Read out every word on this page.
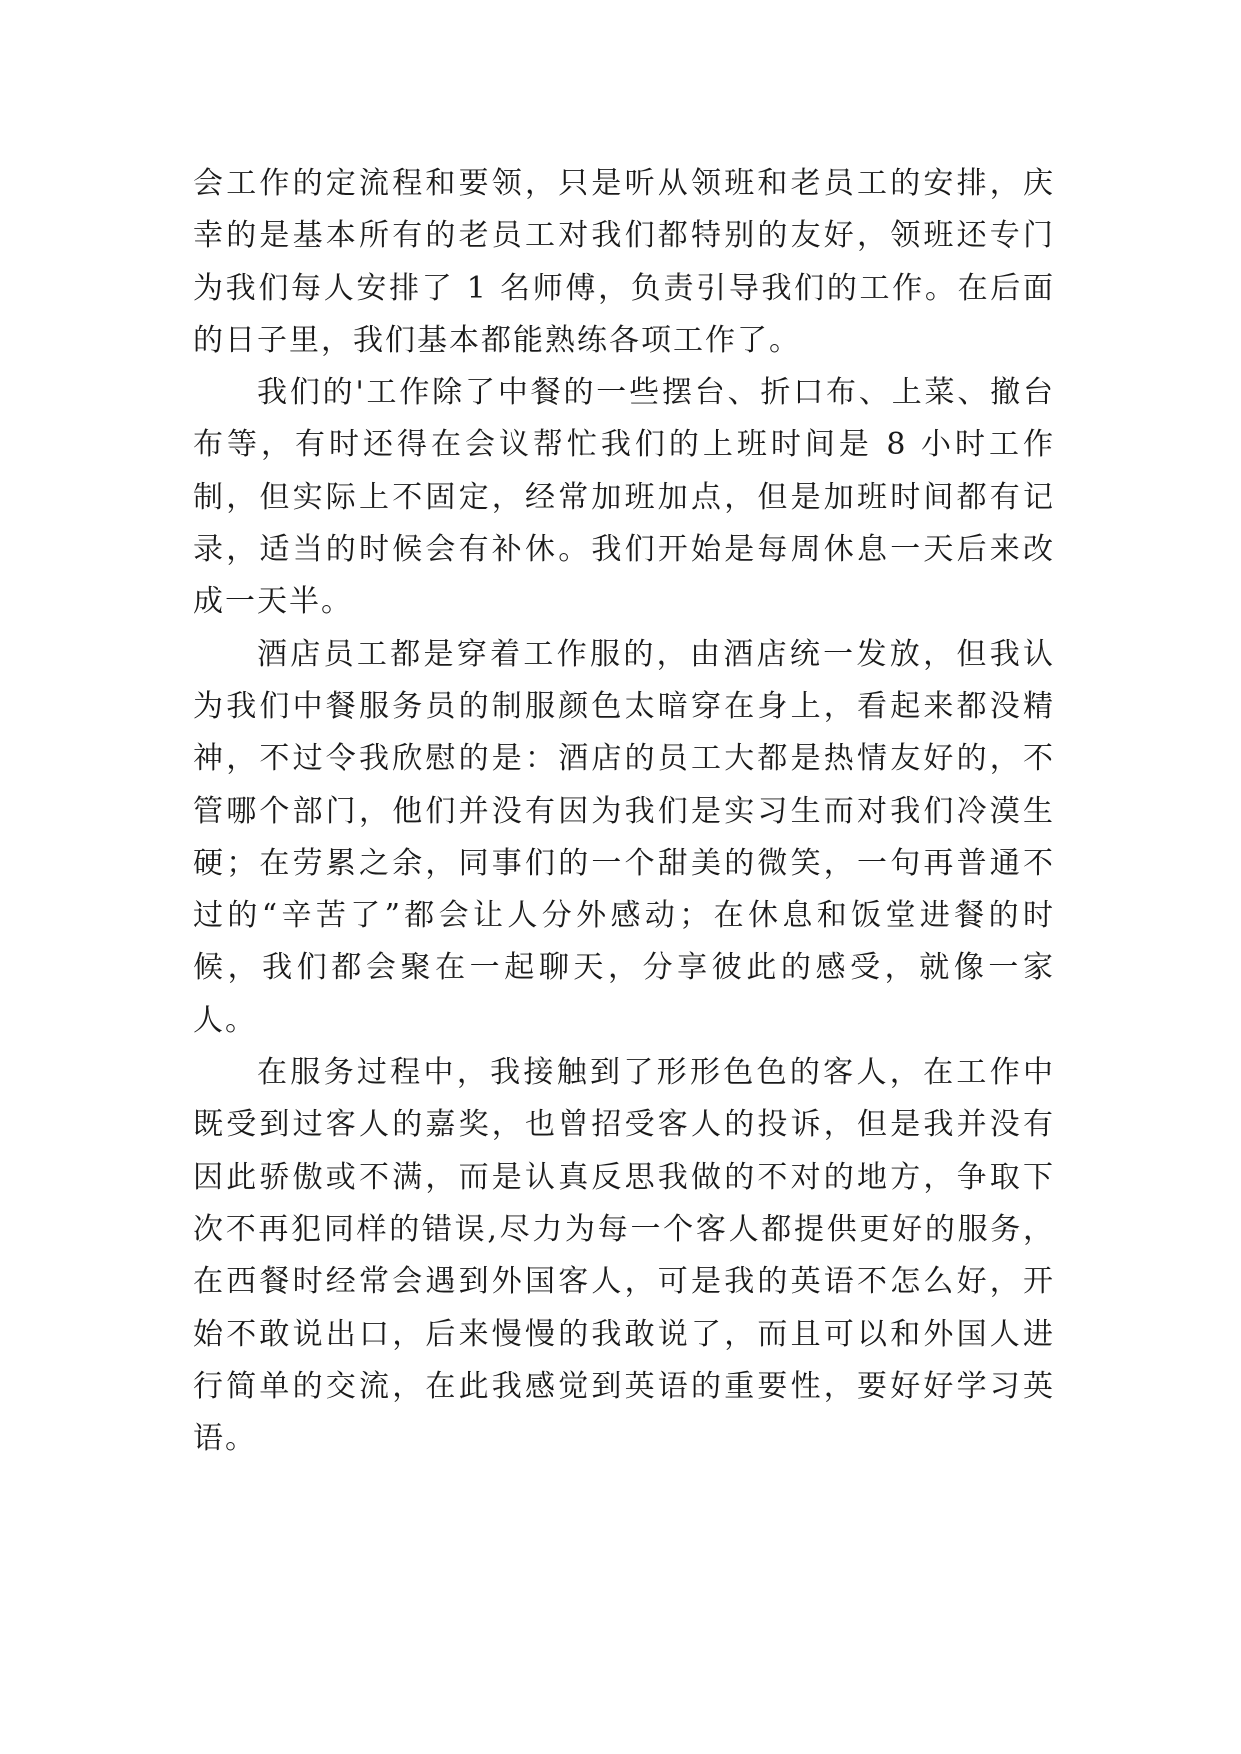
会工作的定流程和要领，只是听从领班和老员工的安排，庆幸的是基本所有的老员工对我们都特别的友好，领班还专门为我们每人安排了 1 名师傅，负责引导我们的工作。在后面的日子里，我们基本都能熟练各项工作了。

我们的'工作除了中餐的一些摆台、折口布、上菜、撤台布等，有时还得在会议帮忙我们的上班时间是 8 小时工作制，但实际上不固定，经常加班加点，但是加班时间都有记录，适当的时候会有补休。我们开始是每周休息一天后来改成一天半。

酒店员工都是穿着工作服的，由酒店统一发放，但我认为我们中餐服务员的制服颜色太暗穿在身上，看起来都没精神，不过令我欣慰的是：酒店的员工大都是热情友好的，不管哪个部门，他们并没有因为我们是实习生而对我们冷漠生硬；在劳累之余，同事们的一个甜美的微笑，一句再普通不过的“辛苦了”都会让人分外感动；在休息和饭堂进餐的时候，我们都会聚在一起聊天，分享彼此的感受，就像一家人。

在服务过程中，我接触到了形形色色的客人，在工作中既受到过客人的嘉奖，也曾招受客人的投诉，但是我并没有因此骄傲或不满，而是认真反思我做的不对的地方，争取下次不再犯同样的错误,尽力为每一个客人都提供更好的服务，在西餐时经常会遇到外国客人，可是我的英语不怎么好，开始不敢说出口，后来慢慢的我敢说了，而且可以和外国人进行简单的交流，在此我感觉到英语的重要性，要好好学习英语。
